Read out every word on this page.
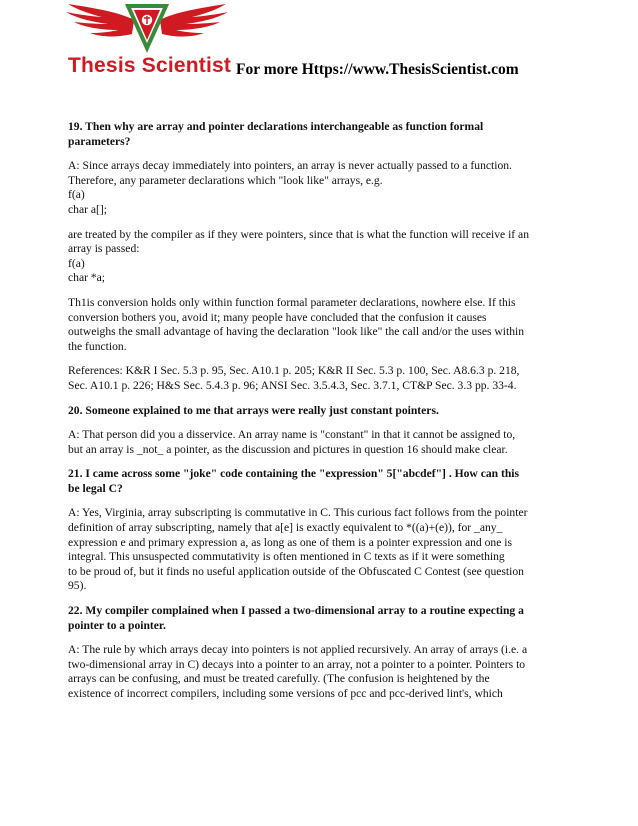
Thesis Scientist For more Https://www.ThesisScientist.com
19. Then why are array and pointer declarations interchangeable as function formal
parameters?
A: Since arrays decay immediately into pointers, an array is never actually passed to a function.
Therefore, any parameter declarations which "look like" arrays, e.g.
f(a)
char a[];
are treated by the compiler as if they were pointers, since that is what the function will receive if an
array is passed:
f(a)
char *a;
Th1is conversion holds only within function formal parameter declarations, nowhere else. If this
conversion bothers you, avoid it; many people have concluded that the confusion it causes
outweighs the small advantage of having the declaration "look like" the call and/or the uses within
the function.
References: K&R I Sec. 5.3 p. 95, Sec. A10.1 p. 205; K&R II Sec. 5.3 p. 100, Sec. A8.6.3 p. 218,
Sec. A10.1 p. 226; H&S Sec. 5.4.3 p. 96; ANSI Sec. 3.5.4.3, Sec. 3.7.1, CT&P Sec. 3.3 pp. 33-4.
20. Someone explained to me that arrays were really just constant pointers.
A: That person did you a disservice. An array name is "constant" in that it cannot be assigned to,
but an array is _not_ a pointer, as the discussion and pictures in question 16 should make clear.
21. I came across some "joke" code containing the "expression" 5["abcdef"] . How can this
be legal C?
A: Yes, Virginia, array subscripting is commutative in C. This curious fact follows from the pointer
definition of array subscripting, namely that a[e] is exactly equivalent to *((a)+(e)), for _any_
expression e and primary expression a, as long as one of them is a pointer expression and one is
integral. This unsuspected commutativity is often mentioned in C texts as if it were something
to be proud of, but it finds no useful application outside of the Obfuscated C Contest (see question
95).
22. My compiler complained when I passed a two-dimensional array to a routine expecting a
pointer to a pointer.
A: The rule by which arrays decay into pointers is not applied recursively. An array of arrays (i.e. a
two-dimensional array in C) decays into a pointer to an array, not a pointer to a pointer. Pointers to
arrays can be confusing, and must be treated carefully. (The confusion is heightened by the
existence of incorrect compilers, including some versions of pcc and pcc-derived lint's, which
